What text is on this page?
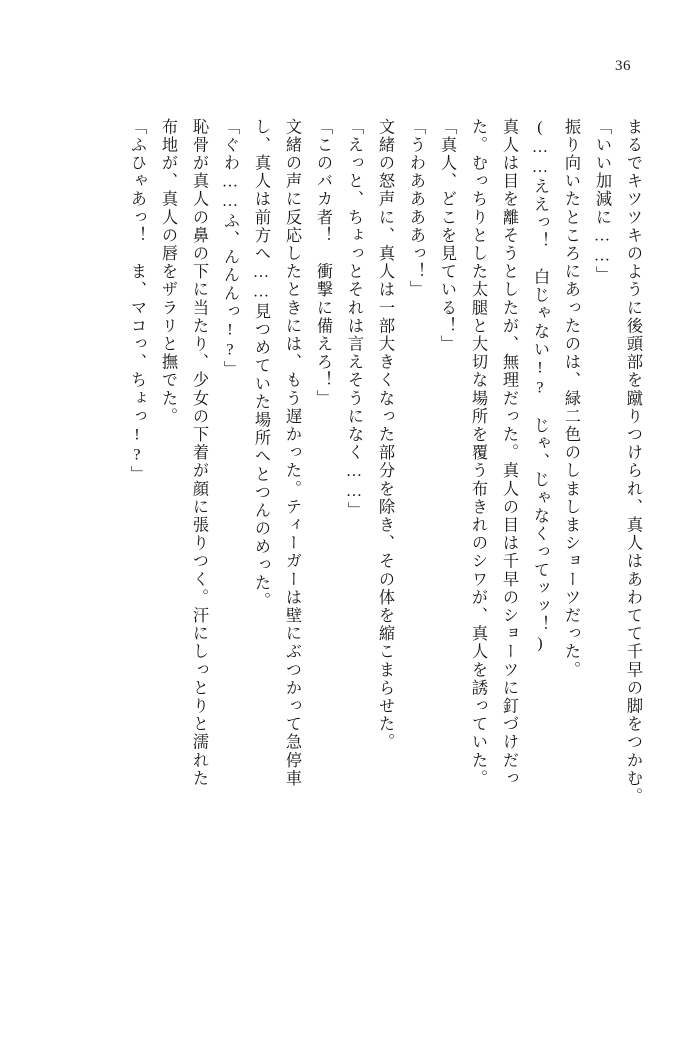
36
まるでキツツキのように後頭部を蹴りつけられ、真人はあわてて千早の脚をつかむ。
「いい加減に……」
振り向いたところにあったのは、緑二色のしましまショーツだった。
(……ええっ！　白じゃない!?　じゃ、じゃなくってッッ！)
真人は目を離そうとしたが、無理だった。真人の目は千早のショーツに釘づけだっ
た。むっちりとした太腿と大切な場所を覆う布きれのシワが、真人を誘っていた。
「真人、どこを見ている！」
「うわああああっ！」
文緒の怒声に、真人は一部大きくなった部分を除き、その体を縮こまらせた。
「えっと、ちょっとそれは言えそうになく……」
「このバカ者！　衝撃に備えろ！」
文緒の声に反応したときには、もう遅かった。ティーガーは壁にぶつかって急停車
し、真人は前方へ……見つめていた場所へとつんのめった。
「ぐわ……ふ、んんんっ!?」
恥骨が真人の鼻の下に当たり、少女の下着が顔に張りつく。汗にしっとりと濡れた
布地が、真人の唇をザラリと撫でた。
「ふひゃあっ！　ま、マコっ、ちょっ!?」
